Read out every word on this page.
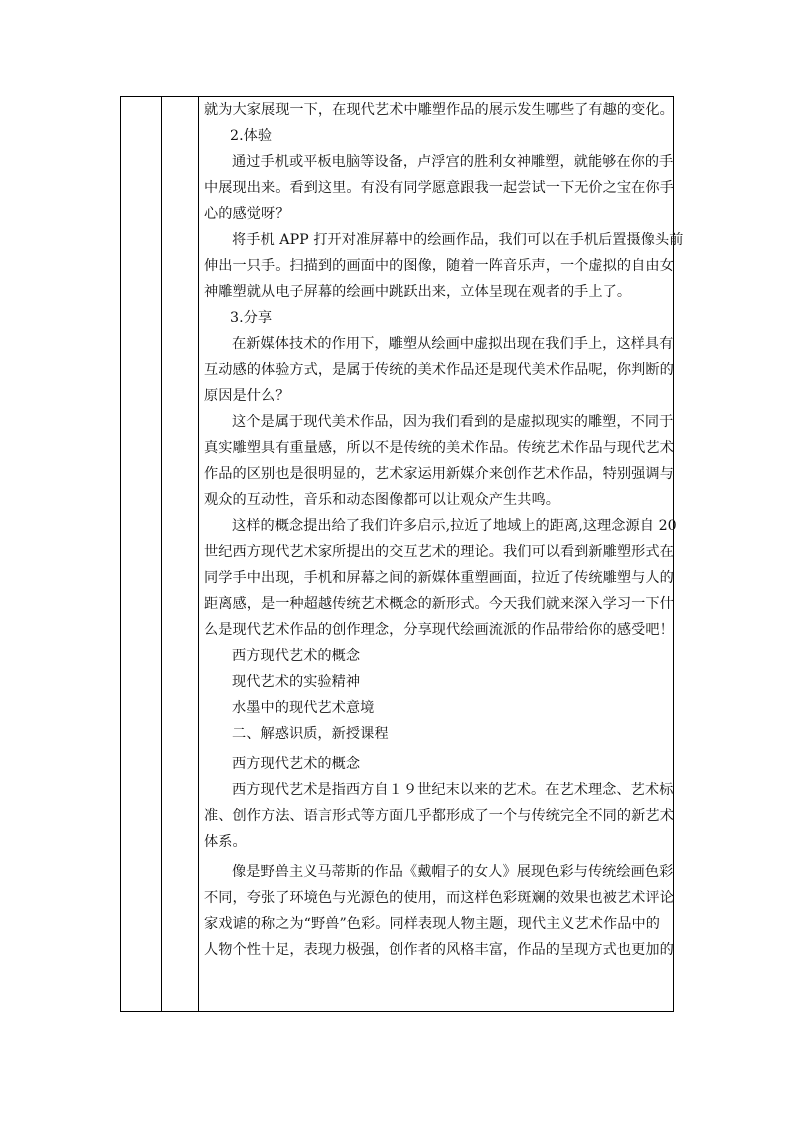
就为大家展现一下，在现代艺术中雕塑作品的展示发生哪些了有趣的变化。
2.体验
通过手机或平板电脑等设备，卢浮宫的胜利女神雕塑，就能够在你的手
中展现出来。看到这里。有没有同学愿意跟我一起尝试一下无价之宝在你手
心的感觉呀？
将手机 APP 打开对准屏幕中的绘画作品，我们可以在手机后置摄像头前
伸出一只手。扫描到的画面中的图像，随着一阵音乐声，一个虚拟的自由女
神雕塑就从电子屏幕的绘画中跳跃出来，立体呈现在观者的手上了。
3.分享
在新媒体技术的作用下，雕塑从绘画中虚拟出现在我们手上，这样具有
互动感的体验方式，是属于传统的美术作品还是现代美术作品呢，你判断的
原因是什么？
这个是属于现代美术作品，因为我们看到的是虚拟现实的雕塑，不同于
真实雕塑具有重量感，所以不是传统的美术作品。传统艺术作品与现代艺术
作品的区别也是很明显的，艺术家运用新媒介来创作艺术作品，特别强调与
观众的互动性，音乐和动态图像都可以让观众产生共鸣。
这样的概念提出给了我们许多启示,拉近了地域上的距离,这理念源自 20
世纪西方现代艺术家所提出的交互艺术的理论。我们可以看到新雕塑形式在
同学手中出现，手机和屏幕之间的新媒体重塑画面，拉近了传统雕塑与人的
距离感，是一种超越传统艺术概念的新形式。今天我们就来深入学习一下什
么是现代艺术作品的创作理念，分享现代绘画流派的作品带给你的感受吧！
西方现代艺术的概念
现代艺术的实验精神
水墨中的现代艺术意境
二、解惑识质，新授课程
西方现代艺术的概念
西方现代艺术是指西方自１９世纪末以来的艺术。在艺术理念、艺术标
准、创作方法、语言形式等方面几乎都形成了一个与传统完全不同的新艺术
体系。
像是野兽主义马蒂斯的作品《戴帽子的女人》展现色彩与传统绘画色彩
不同，夸张了环境色与光源色的使用，而这样色彩斑斓的效果也被艺术评论
家戏谑的称之为“野兽”色彩。同样表现人物主题，现代主义艺术作品中的
人物个性十足，表现力极强，创作者的风格丰富，作品的呈现方式也更加的
